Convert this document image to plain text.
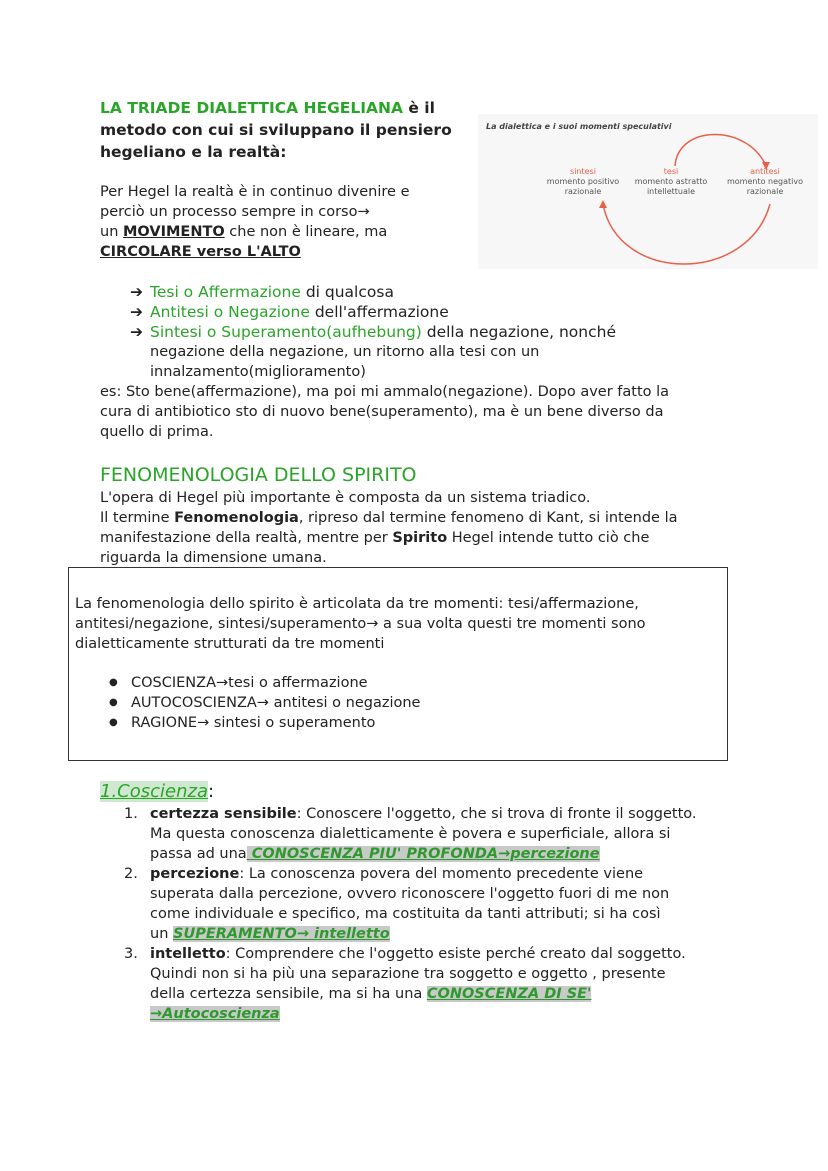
LA TRIADE DIALETTICA HEGELIANA è il
metodo con cui si sviluppano il pensiero
hegeliano e la realtà:
Per Hegel la realtà è in continuo divenire e
perciò un processo sempre in corso→
un MOVIMENTO che non è lineare, ma
CIRCOLARE verso L'ALTO
La dialettica e i suoi momenti speculativi
sintesi
momento positivo
razionale
tesi
momento astratto
intellettuale
antitesi
momento negativo
razionale
➔ Tesi o Affermazione di qualcosa
➔ Antitesi o Negazione dell'affermazione
➔ Sintesi o Superamento(aufhebung) della negazione, nonché
negazione della negazione, un ritorno alla tesi con un
innalzamento(miglioramento)
es: Sto bene(affermazione), ma poi mi ammalo(negazione). Dopo aver fatto la
cura di antibiotico sto di nuovo bene(superamento), ma è un bene diverso da
quello di prima.
FENOMENOLOGIA DELLO SPIRITO
L'opera di Hegel più importante è composta da un sistema triadico.
Il termine Fenomenologia, ripreso dal termine fenomeno di Kant, si intende la
manifestazione della realtà, mentre per Spirito Hegel intende tutto ciò che
riguarda la dimensione umana.
La fenomenologia dello spirito è articolata da tre momenti: tesi/affermazione,
antitesi/negazione, sintesi/superamento→ a sua volta questi tre momenti sono
dialetticamente strutturati da tre momenti
● COSCIENZA→tesi o affermazione
● AUTOCOSCIENZA→ antitesi o negazione
● RAGIONE→ sintesi o superamento
1.Coscienza:
1. certezza sensibile: Conoscere l'oggetto, che si trova di fronte il soggetto.
Ma questa conoscenza dialetticamente è povera e superficiale, allora si
passa ad una CONOSCENZA PIU' PROFONDA→percezione
2. percezione: La conoscenza povera del momento precedente viene
superata dalla percezione, ovvero riconoscere l'oggetto fuori di me non
come individuale e specifico, ma costituita da tanti attributi; si ha così
un SUPERAMENTO→ intelletto
3. intelletto: Comprendere che l'oggetto esiste perché creato dal soggetto.
Quindi non si ha più una separazione tra soggetto e oggetto , presente
della certezza sensibile, ma si ha una CONOSCENZA DI SE'
→Autocoscienza
